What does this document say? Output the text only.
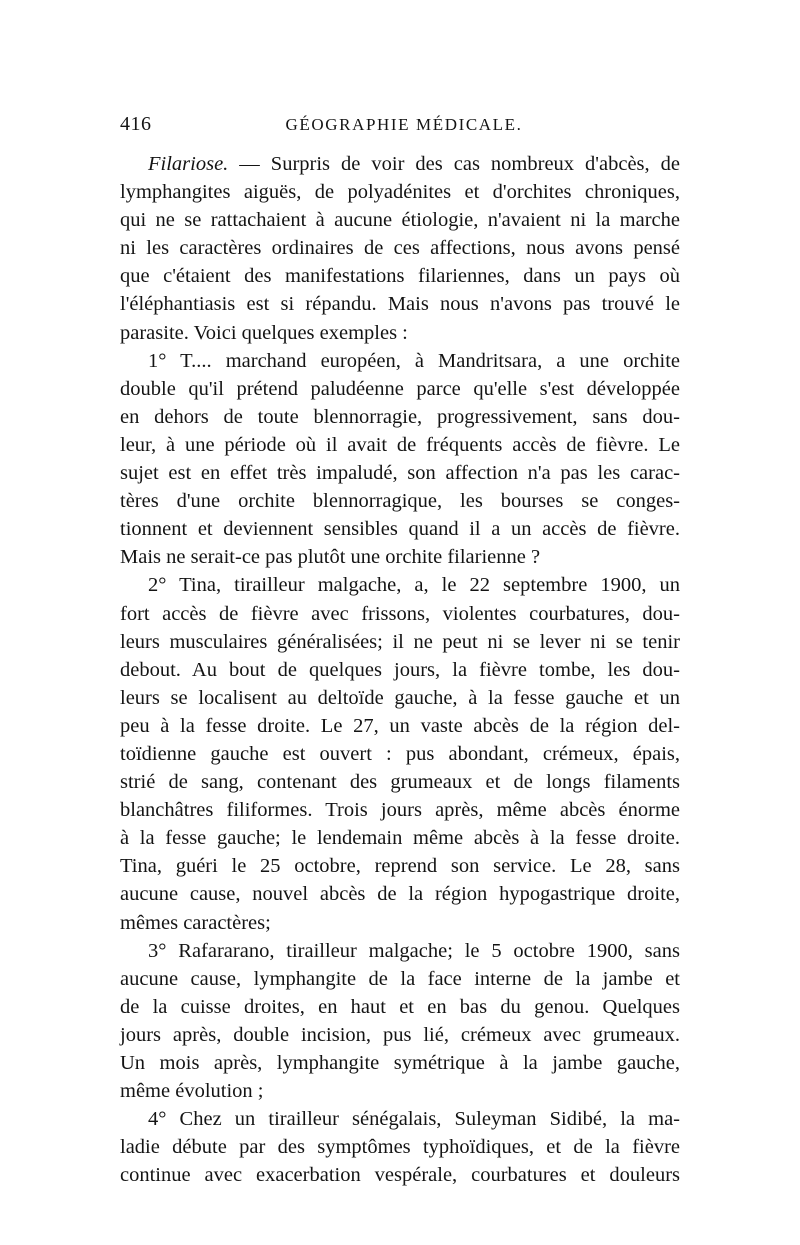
416	GÉOGRAPHIE MÉDICALE.
Filariose. — Surpris de voir des cas nombreux d'abcès, de
lymphangites aiguës, de polyadénites et d'orchites chroniques,
qui ne se rattachaient à aucune étiologie, n'avaient ni la marche
ni les caractères ordinaires de ces affections, nous avons pensé
que c'étaient des manifestations filariennes, dans un pays où
l'éléphantiasis est si répandu. Mais nous n'avons pas trouvé le
parasite. Voici quelques exemples :
1° T.... marchand européen, à Mandritsara, a une orchite
double qu'il prétend paludéenne parce qu'elle s'est développée
en dehors de toute blennorragie, progressivement, sans dou-
leur, à une période où il avait de fréquents accès de fièvre. Le
sujet est en effet très impaludé, son affection n'a pas les carac-
tères d'une orchite blennorragique, les bourses se conges-
tionnent et deviennent sensibles quand il a un accès de fièvre.
Mais ne serait-ce pas plutôt une orchite filarienne ?
2° Tina, tirailleur malgache, a, le 22 septembre 1900, un
fort accès de fièvre avec frissons, violentes courbatures, dou-
leurs musculaires généralisées; il ne peut ni se lever ni se tenir
debout. Au bout de quelques jours, la fièvre tombe, les dou-
leurs se localisent au deltoïde gauche, à la fesse gauche et un
peu à la fesse droite. Le 27, un vaste abcès de la région del-
toïdienne gauche est ouvert : pus abondant, crémeux, épais,
strié de sang, contenant des grumeaux et de longs filaments
blanchâtres filiformes. Trois jours après, même abcès énorme
à la fesse gauche; le lendemain même abcès à la fesse droite.
Tina, guéri le 25 octobre, reprend son service. Le 28, sans
aucune cause, nouvel abcès de la région hypogastrique droite,
mêmes caractères;
3° Rafararano, tirailleur malgache; le 5 octobre 1900, sans
aucune cause, lymphangite de la face interne de la jambe et
de la cuisse droites, en haut et en bas du genou. Quelques
jours après, double incision, pus lié, crémeux avec grumeaux.
Un mois après, lymphangite symétrique à la jambe gauche,
même évolution ;
4° Chez un tirailleur sénégalais, Suleyman Sidibé, la ma-
ladie débute par des symptômes typhoïdiques, et de la fièvre
continue avec exacerbation vespérale, courbatures et douleurs
